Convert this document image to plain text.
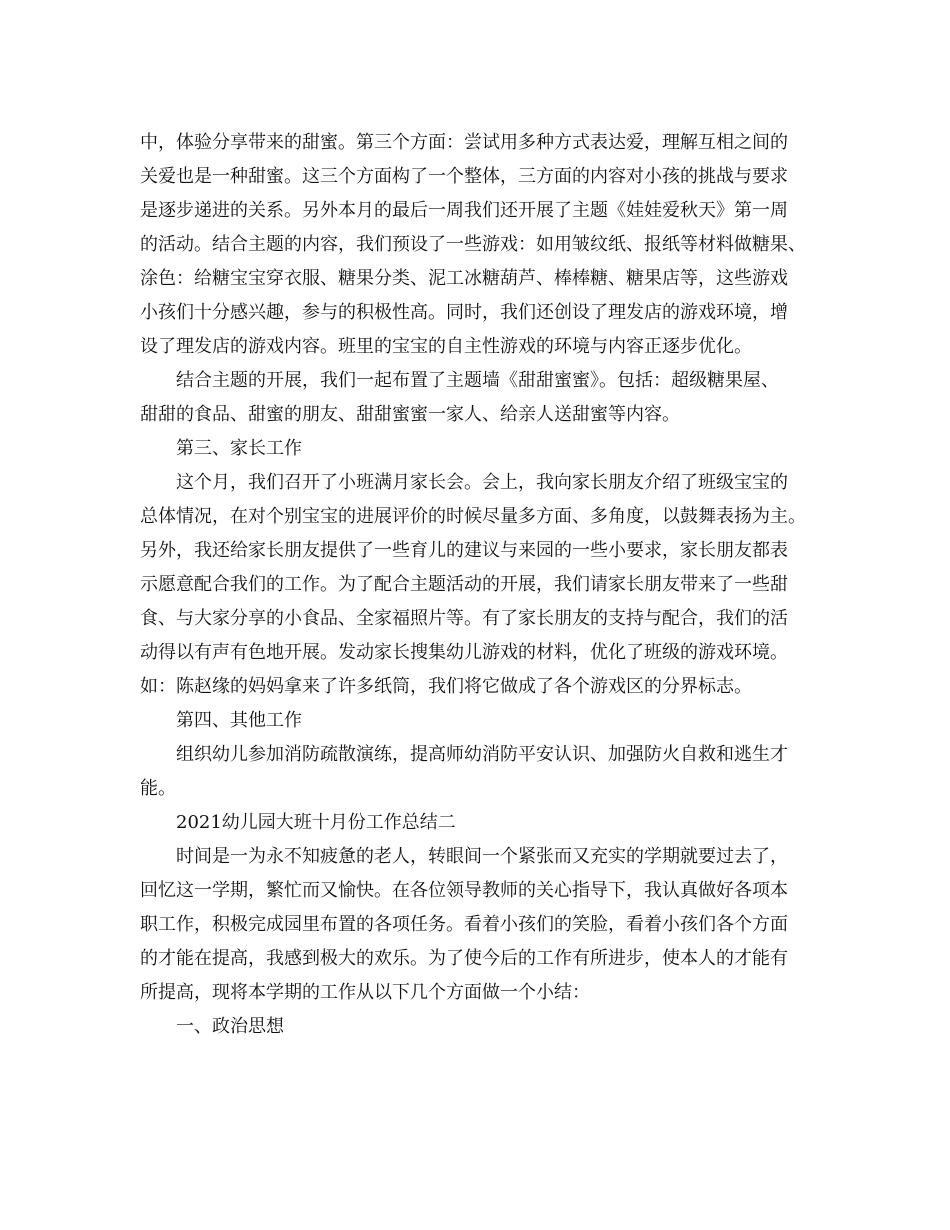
中，体验分享带来的甜蜜。第三个方面：尝试用多种方式表达爱，理解互相之间的
关爱也是一种甜蜜。这三个方面构了一个整体，三方面的内容对小孩的挑战与要求
是逐步递进的关系。另外本月的最后一周我们还开展了主题《娃娃爱秋天》第一周
的活动。结合主题的内容，我们预设了一些游戏：如用皱纹纸、报纸等材料做糖果、
涂色：给糖宝宝穿衣服、糖果分类、泥工冰糖葫芦、棒棒糖、糖果店等，这些游戏
小孩们十分感兴趣，参与的积极性高。同时，我们还创设了理发店的游戏环境，增
设了理发店的游戏内容。班里的宝宝的自主性游戏的环境与内容正逐步优化。
结合主题的开展，我们一起布置了主题墙《甜甜蜜蜜》。包括：超级糖果屋、
甜甜的食品、甜蜜的朋友、甜甜蜜蜜一家人、给亲人送甜蜜等内容。
第三、家长工作
这个月，我们召开了小班满月家长会。会上，我向家长朋友介绍了班级宝宝的
总体情况，在对个别宝宝的进展评价的时候尽量多方面、多角度，以鼓舞表扬为主。
另外，我还给家长朋友提供了一些育儿的建议与来园的一些小要求，家长朋友都表
示愿意配合我们的工作。为了配合主题活动的开展，我们请家长朋友带来了一些甜
食、与大家分享的小食品、全家福照片等。有了家长朋友的支持与配合，我们的活
动得以有声有色地开展。发动家长搜集幼儿游戏的材料，优化了班级的游戏环境。
如：陈赵缘的妈妈拿来了许多纸筒，我们将它做成了各个游戏区的分界标志。
第四、其他工作
组织幼儿参加消防疏散演练，提高师幼消防平安认识、加强防火自救和逃生才
能。
2021幼儿园大班十月份工作总结二
时间是一为永不知疲惫的老人，转眼间一个紧张而又充实的学期就要过去了，
回忆这一学期，繁忙而又愉快。在各位领导教师的关心指导下，我认真做好各项本
职工作，积极完成园里布置的各项任务。看着小孩们的笑脸，看着小孩们各个方面
的才能在提高，我感到极大的欢乐。为了使今后的工作有所进步，使本人的才能有
所提高，现将本学期的工作从以下几个方面做一个小结：
一、政治思想
